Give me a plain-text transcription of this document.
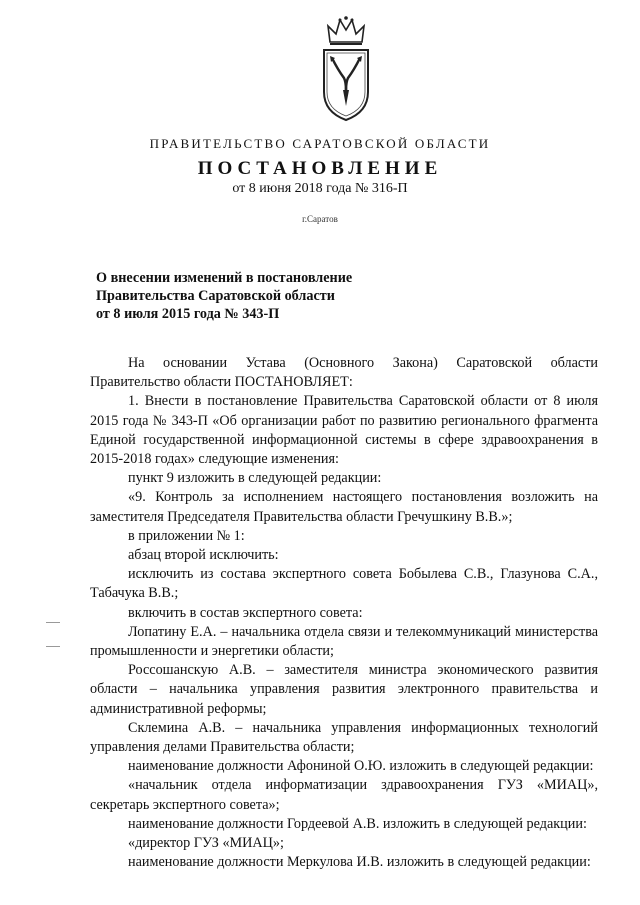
ПРАВИТЕЛЬСТВО САРАТОВСКОЙ ОБЛАСТИ
ПОСТАНОВЛЕНИЕ
от 8 июня 2018 года № 316-П
г.Саратов
О внесении изменений в постановление
Правительства Саратовской области
от 8 июля 2015 года № 343-П

На основании Устава (Основного Закона) Саратовской области Правительство области ПОСТАНОВЛЯЕТ:

1. Внести в постановление Правительства Саратовской области от 8 июля 2015 года № 343-П «Об организации работ по развитию регионального фрагмента Единой государственной информационной системы в сфере здравоохранения в 2015-2018 годах» следующие изменения:

пункт 9 изложить в следующей редакции:

«9. Контроль за исполнением настоящего постановления возложить на заместителя Председателя Правительства области Гречушкину В.В.»;

в приложении № 1:

абзац второй исключить:

исключить из состава экспертного совета Бобылева С.В., Глазунова С.А., Табачука В.В.;

включить в состав экспертного совета:

Лопатину Е.А. – начальника отдела связи и телекоммуникаций министерства промышленности и энергетики области;

Россошанскую А.В. – заместителя министра экономического развития области – начальника управления развития электронного правительства и административной реформы;

Склемина А.В. – начальника управления информационных технологий управления делами Правительства области;

наименование должности Афониной О.Ю. изложить в следующей редакции:

«начальник отдела информатизации здравоохранения ГУЗ «МИАЦ», секретарь экспертного совета»;

наименование должности Гордеевой А.В. изложить в следующей редакции:

«директор ГУЗ «МИАЦ»;

наименование должности Меркулова И.В. изложить в следующей редакции:
